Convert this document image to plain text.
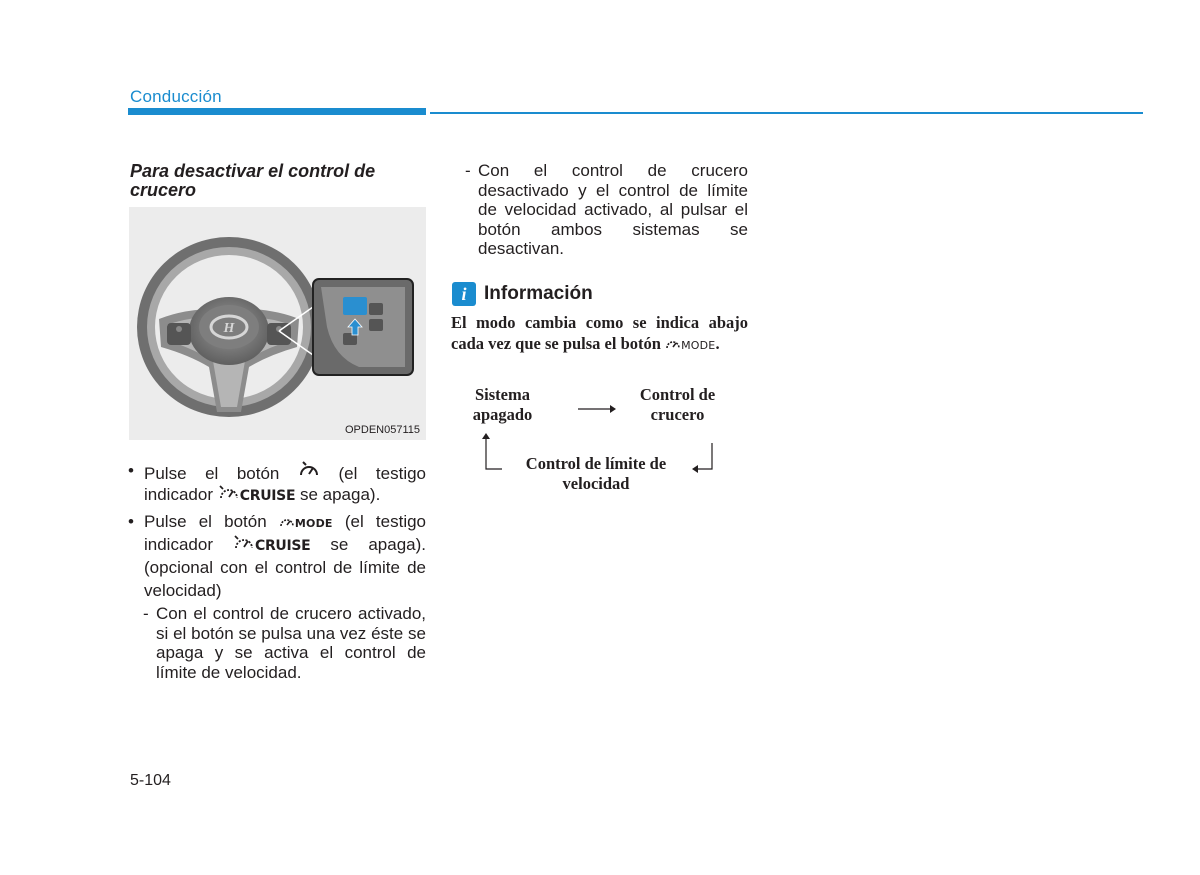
Conducción
Para desactivar el control de crucero
H
OPDEN057115
• Pulse el botón	(el testigo
indicador CRUISE se apaga).
• Pulse el botón	MODE (el testigo
indicador	CRUISE se apaga).
(opcional con el control de límite de velocidad)
- Con el control de crucero activado, si el botón se pulsa una vez éste se apaga y se activa el control de límite de velocidad.
- Con el control de crucero desactivado y el control de límite de velocidad activado, al pulsar el botón ambos sistemas se desactivan.
i Información
El modo cambia como se indica abajo cada vez que se pulsa el botón MODE.
Sistema
apagado
Control de
crucero
Control de límite de
velocidad
5-104
